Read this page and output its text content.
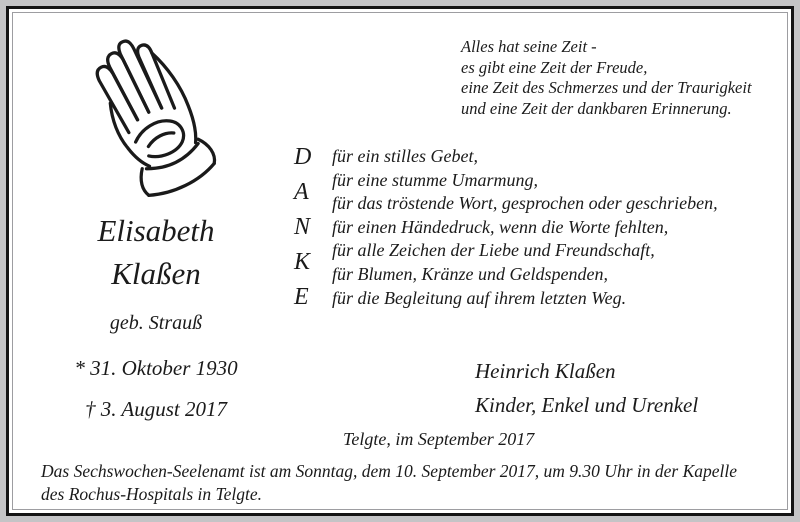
Alles hat seine Zeit -
es gibt eine Zeit der Freude,
eine Zeit des Schmerzes und der Traurigkeit
und eine Zeit der dankbaren Erinnerung.
D
A
N
K
E
für ein stilles Gebet,
für eine stumme Umarmung,
für das tröstende Wort, gesprochen oder geschrieben,
für einen Händedruck, wenn die Worte fehlten,
für alle Zeichen der Liebe und Freundschaft,
für Blumen, Kränze und Geldspenden,
für die Begleitung auf ihrem letzten Weg.
Elisabeth
Klaßen
geb. Strauß
* 31. Oktober 1930
† 3. August 2017
Heinrich Klaßen
Kinder, Enkel und Urenkel
Telgte, im September 2017
Das Sechswochen-Seelenamt ist am Sonntag, dem 10. September 2017, um 9.30 Uhr in der Kapelle
des Rochus-Hospitals in Telgte.
